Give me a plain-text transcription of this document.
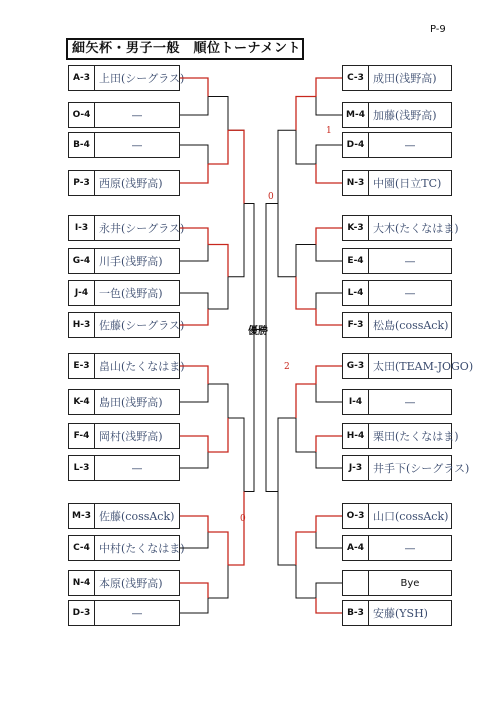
P-9
細矢杯・男子一般　順位トーナメント
A-3 上田(シーグラス)
O-4	—
B-4	—
P-3 西原(浅野高)
I-3 永井(シーグラス)
G-4 川手(浅野高)
J-4 一色(浅野高)
H-3 佐藤(シーグラス)
E-3 畠山(たくなはま)
K-4 島田(浅野高)
F-4 岡村(浅野高)
L-3	—
M-3 佐藤(cossAck)
C-4 中村(たくなはま)
N-4 本原(浅野高)
D-3	—
C-3 成田(浅野高)
M-4 加藤(浅野高)
D-4	—
N-3 中園(日立TC)
K-3 大木(たくなはま)
E-4	—
L-4	—
F-3 松島(cossAck)
G-3 太田(TEAM-JOGO)
I-4	—
H-4 栗田(たくなはま)
J-3 井手下(シーグラス)
O-3 山口(cossAck)
A-4	—
Bye
B-3 安藤(YSH)
優勝
0
1
2
0
